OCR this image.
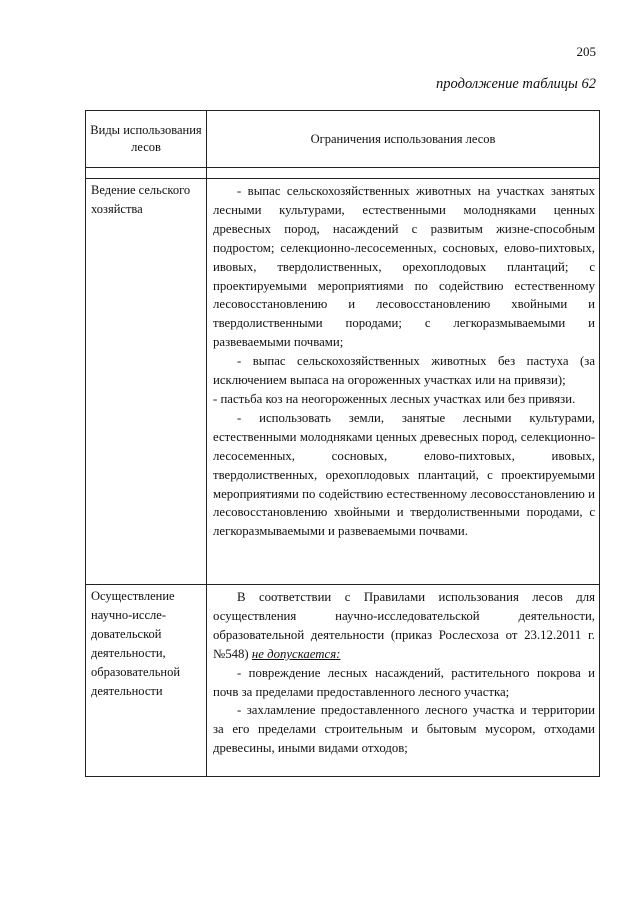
205
продолжение таблицы 62
Виды использования лесов	Ограничения использования лесов

Ведение сельского хозяйства	- выпас сельскохозяйственных животных на участках занятых лесными культурами, естественными молодняками ценных древесных пород, насаждений с развитым жизне-способным подростом; селекционно-лесосеменных, сосновых, елово-пихтовых, ивовых, твердолиственных, орехоплодовых плантаций; с проектируемыми мероприятиями по содействию естественному лесовосстановлению и лесовосстановлению хвойными и твердолиственными породами; с легкоразмываемыми и развеваемыми почвами;

- выпас сельскохозяйственных животных без пастуха (за исключением выпаса на огороженных участках или на привязи);

- пастьба коз на неогороженных лесных участках или без привязи.

- использовать земли, занятые лесными культурами, естественными молодняками ценных древесных пород, селекционно-лесосеменных, сосновых, елово-пихтовых, ивовых, твердолиственных, орехоплодовых плантаций, с проектируемыми мероприятиями по содействию естественному лесовосстановлению и лесовосстановлению хвойными и твердолиственными породами, с легкоразмываемыми и развеваемыми почвами.

Осуществление научно-иссле-довательской деятельности, образовательной деятельности	В соответствии с Правилами использования лесов для осуществления научно-исследовательской деятельности, образовательной деятельности (приказ Рослесхоза от 23.12.2011 г. №548) не допускается:

- повреждение лесных насаждений, растительного покрова и почв за пределами предоставленного лесного участка;

- захламление предоставленного лесного участка и территории за его пределами строительным и бытовым мусором, отходами древесины, иными видами отходов;
